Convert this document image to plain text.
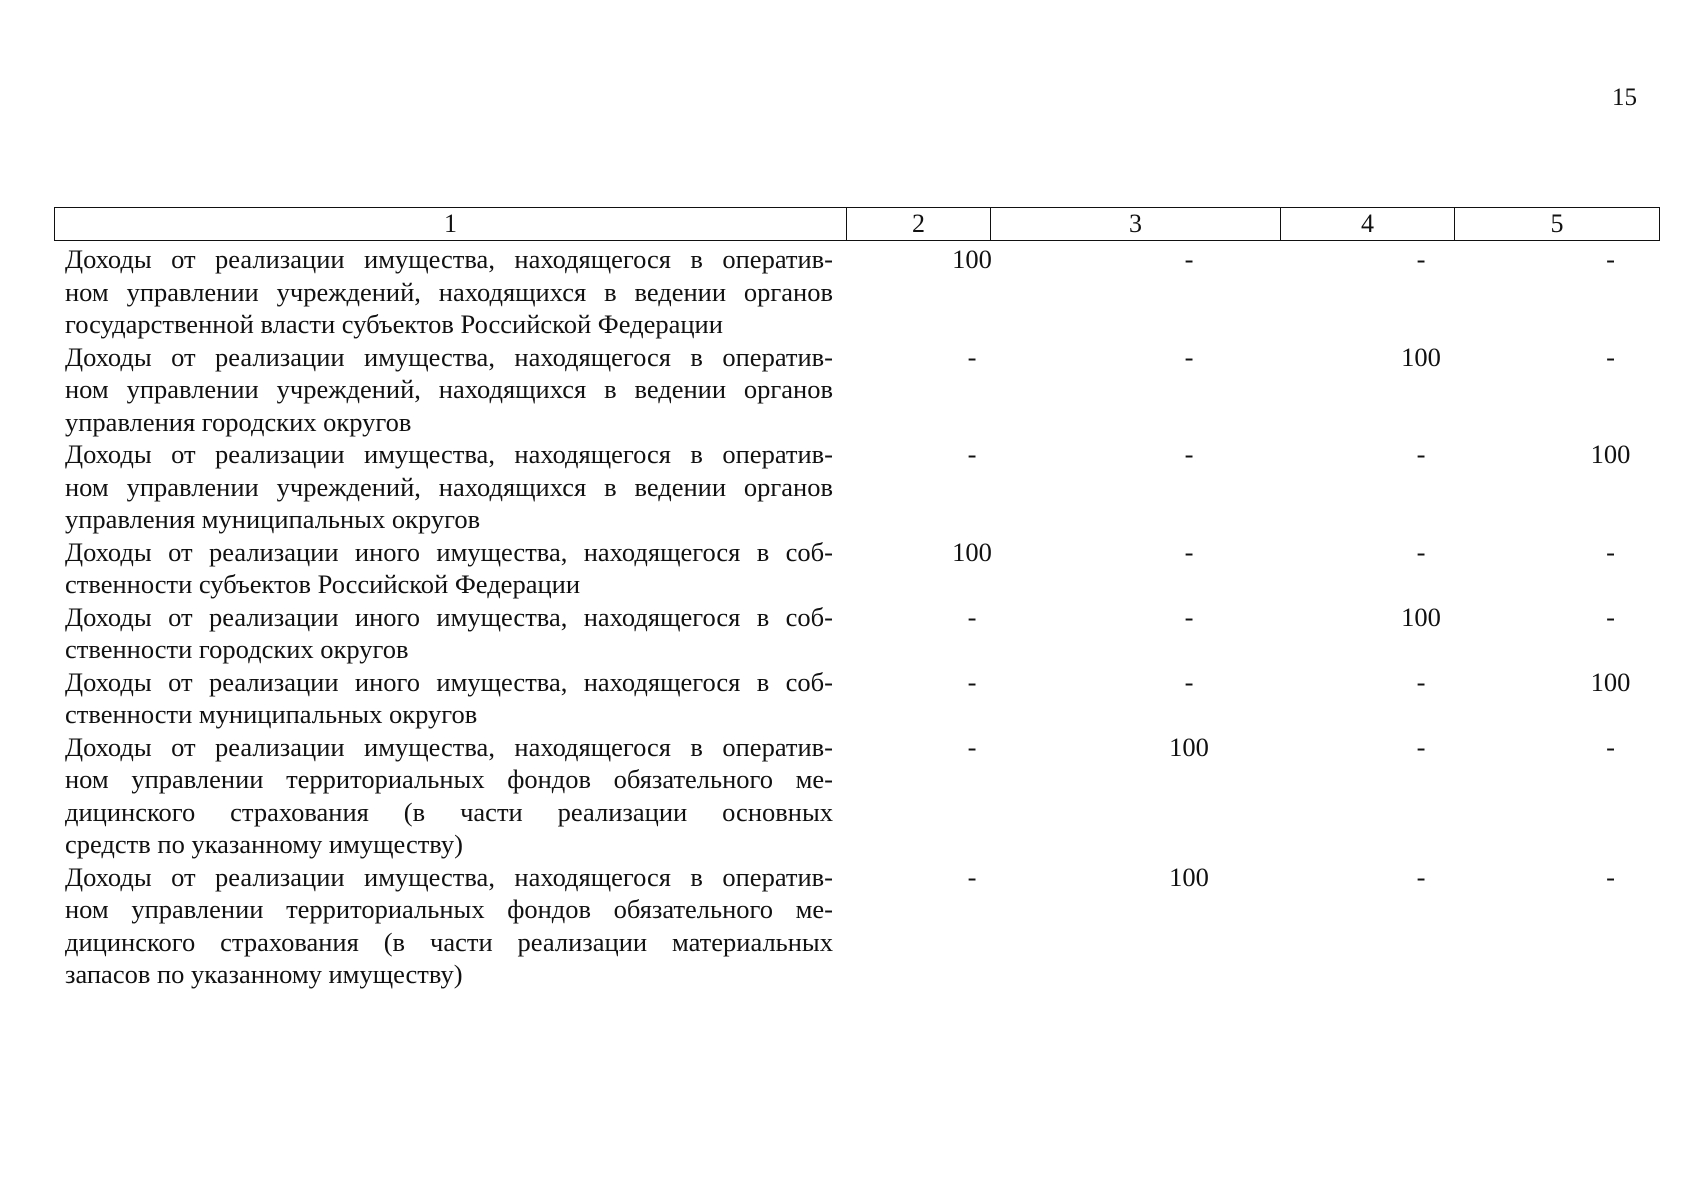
15
1	2	3	4	5
Доходы от реализации имущества, находящегося в оператив-
ном управлении учреждений, находящихся в ведении органов
государственной власти субъектов Российской Федерации
100	-	-	-
Доходы от реализации имущества, находящегося в оператив-
ном управлении учреждений, находящихся в ведении органов
управления городских округов
-	-	100	-
Доходы от реализации имущества, находящегося в оператив-
ном управлении учреждений, находящихся в ведении органов
управления муниципальных округов
-	-	-	100
Доходы от реализации иного имущества, находящегося в соб-
ственности субъектов Российской Федерации
100	-	-	-
Доходы от реализации иного имущества, находящегося в соб-
ственности городских округов
-	-	100	-
Доходы от реализации иного имущества, находящегося в соб-
ственности муниципальных округов
-	-	-	100
Доходы от реализации имущества, находящегося в оператив-
ном управлении территориальных фондов обязательного ме-
дицинского страхования (в части реализации основных
средств по указанному имуществу)
-	100	-	-
Доходы от реализации имущества, находящегося в оператив-
ном управлении территориальных фондов обязательного ме-
дицинского страхования (в части реализации материальных
запасов по указанному имуществу)
-	100	-	-
